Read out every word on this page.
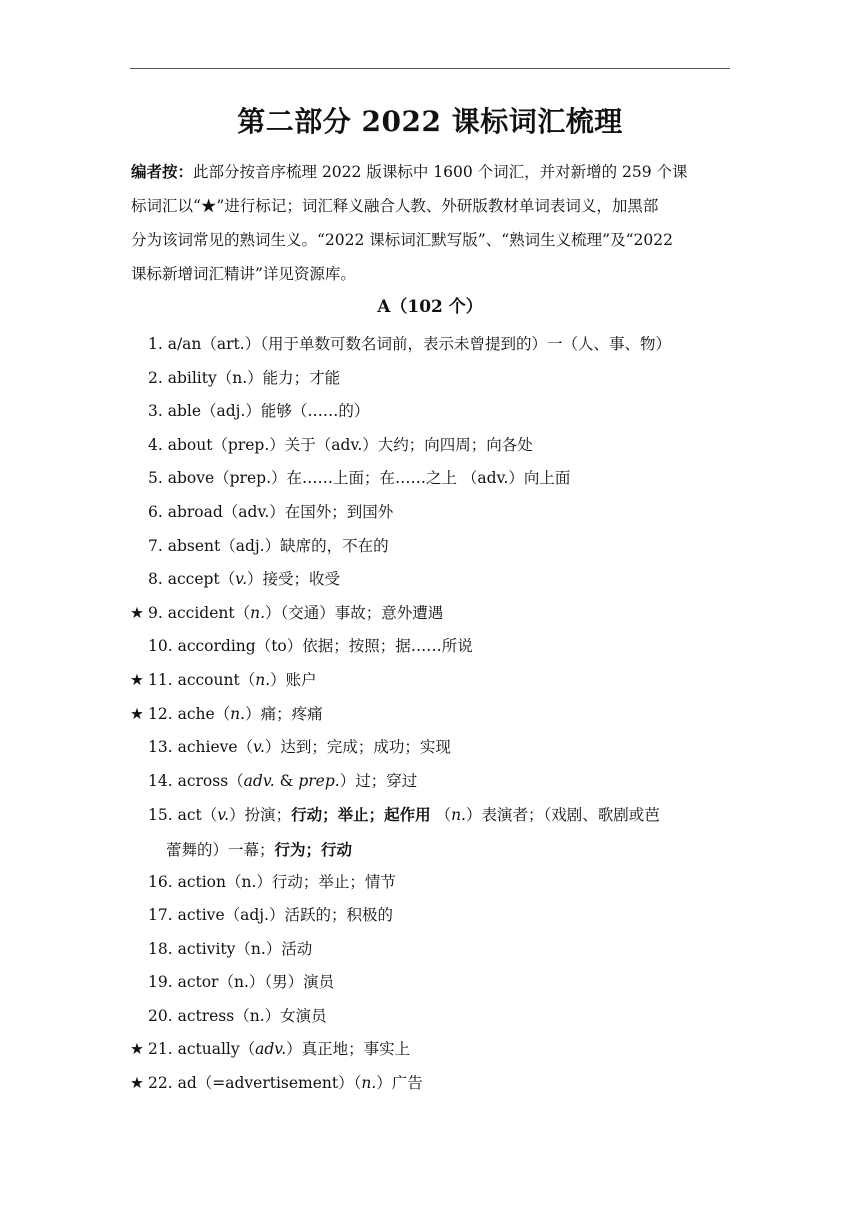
第二部分 2022 课标词汇梳理
编者按：此部分按音序梳理 2022 版课标中 1600 个词汇，并对新增的 259 个课
标词汇以“★”进行标记；词汇释义融合人教、外研版教材单词表词义，加黑部
分为该词常见的熟词生义。“2022 课标词汇默写版”、“熟词生义梳理”及“2022
课标新增词汇精讲”详见资源库。
A（102 个）
1. a/an（art.）（用于单数可数名词前，表示未曾提到的）一（人、事、物）
2. ability（n.）能力；才能
3. able（adj.）能够（……的）
4. about（prep.）关于（adv.）大约；向四周；向各处
5. above（prep.）在……上面；在……之上 （adv.）向上面
6. abroad（adv.）在国外；到国外
7. absent（adj.）缺席的，不在的
8. accept（v.）接受；收受
★ 9. accident（n.）（交通）事故；意外遭遇
10. according（to）依据；按照；据……所说
★ 11. account（n.）账户
★ 12. ache（n.）痛；疼痛
13. achieve（v.）达到；完成；成功；实现
14. across（adv. & prep.）过；穿过
15. act（v.）扮演；行动；举止；起作用 （n.）表演者；（戏剧、歌剧或芭
蕾舞的）一幕；行为；行动
16. action（n.）行动；举止；情节
17. active（adj.）活跃的；积极的
18. activity（n.）活动
19. actor（n.）（男）演员
20. actress（n.）女演员
★ 21. actually（adv.）真正地；事实上
★ 22. ad（=advertisement）（n.）广告
